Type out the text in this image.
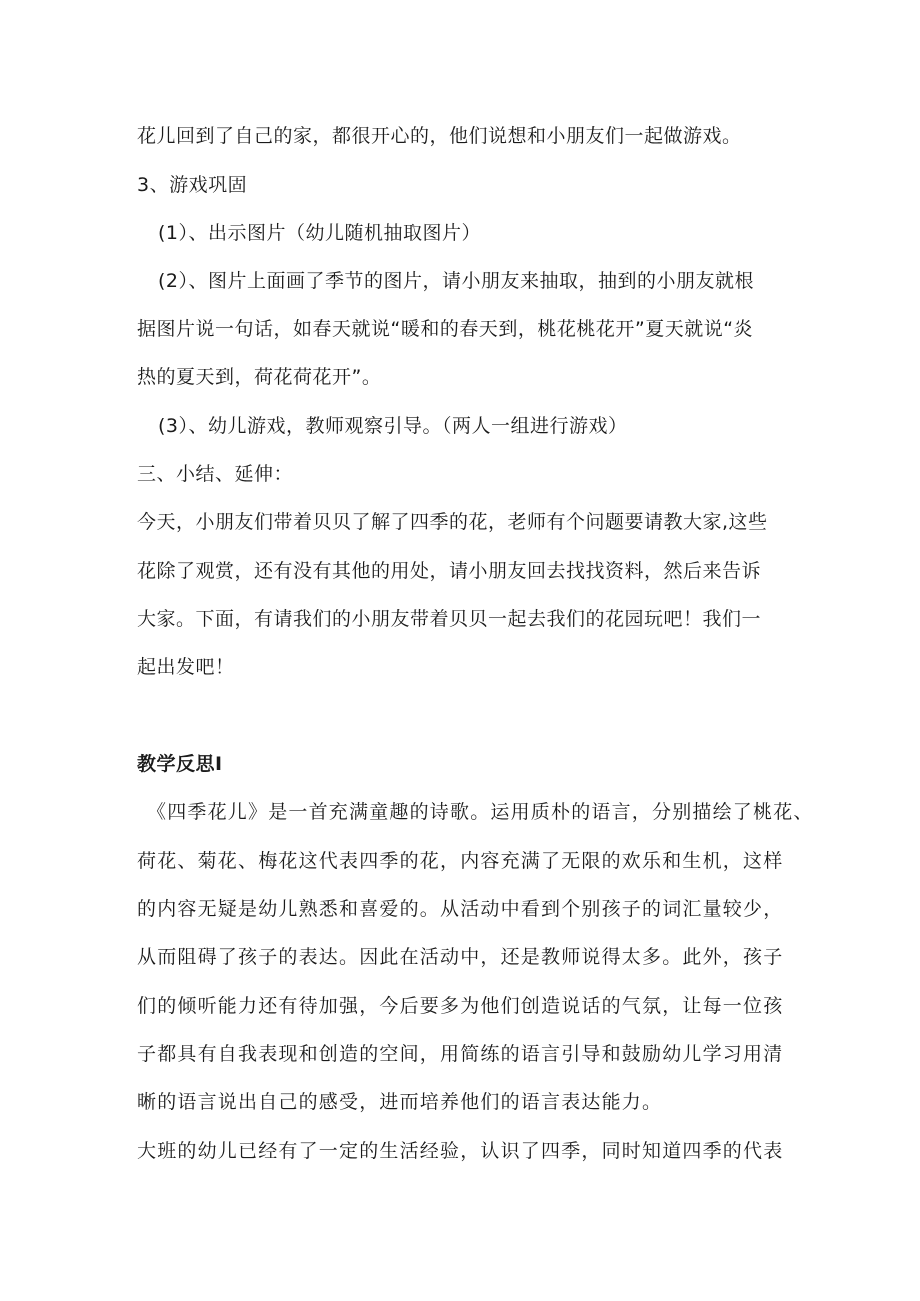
花儿回到了自己的家，都很开心的，他们说想和小朋友们一起做游戏。
3、游戏巩固
(1）、出示图片（幼儿随机抽取图片）
(2）、图片上面画了季节的图片，请小朋友来抽取，抽到的小朋友就根
据图片说一句话，如春天就说“暖和的春天到，桃花桃花开”夏天就说“炎
热的夏天到，荷花荷花开”。
(3）、幼儿游戏，教师观察引导。（两人一组进行游戏）
三、小结、延伸：
今天，小朋友们带着贝贝了解了四季的花，老师有个问题要请教大家,这些
花除了观赏，还有没有其他的用处，请小朋友回去找找资料，然后来告诉
大家。下面，有请我们的小朋友带着贝贝一起去我们的花园玩吧！我们一
起出发吧！
教学反思I
《四季花儿》是一首充满童趣的诗歌。运用质朴的语言，分别描绘了桃花、
荷花、菊花、梅花这代表四季的花，内容充满了无限的欢乐和生机，这样
的内容无疑是幼儿熟悉和喜爱的。从活动中看到个别孩子的词汇量较少，
从而阻碍了孩子的表达。因此在活动中，还是教师说得太多。此外，孩子
们的倾听能力还有待加强，今后要多为他们创造说话的气氛，让每一位孩
子都具有自我表现和创造的空间，用简练的语言引导和鼓励幼儿学习用清
晰的语言说出自己的感受，进而培养他们的语言表达能力。
大班的幼儿已经有了一定的生活经验，认识了四季，同时知道四季的代表
